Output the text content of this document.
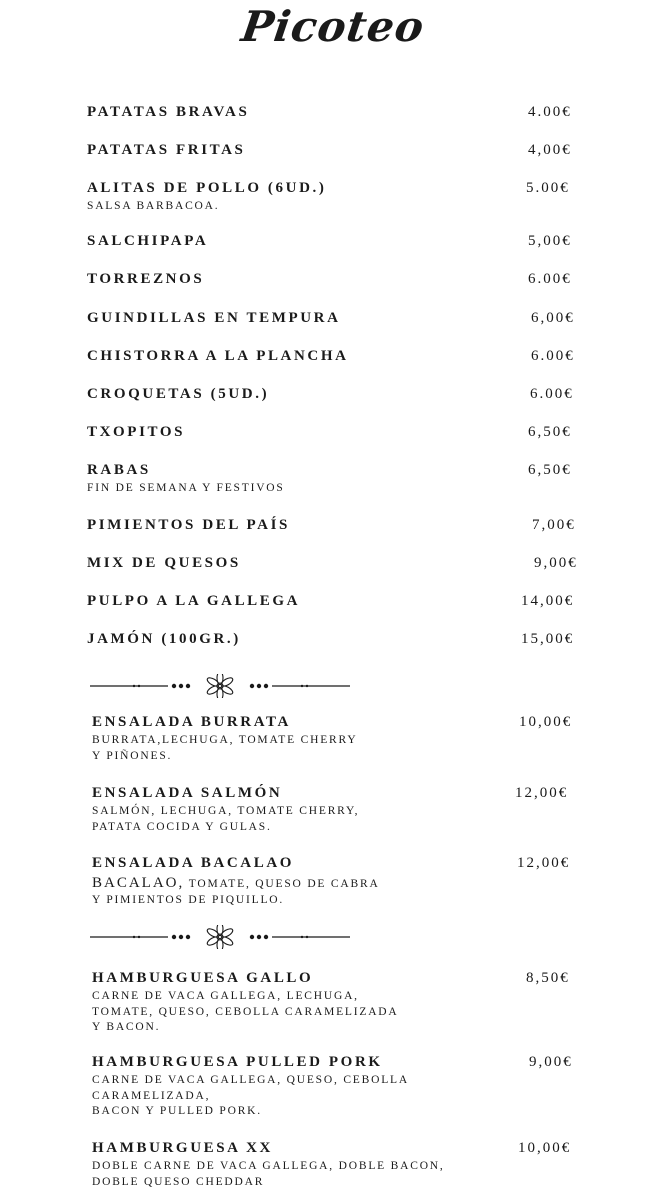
Picoteo
PATATAS BRAVAS	4.00€
PATATAS FRITAS	4,00€
ALITAS DE POLLO (6UD.)	5.00€
SALSA BARBACOA.
SALCHIPAPA	5,00€
TORREZNOS	6.00€
GUINDILLAS EN TEMPURA	6,00€
CHISTORRA A LA PLANCHA	6.00€
CROQUETAS (5UD.)	6.00€
TXOPITOS	6,50€
RABAS	6,50€
FIN DE SEMANA Y FESTIVOS
PIMIENTOS DEL PAÍS	7,00€
MIX DE QUESOS	9,00€
PULPO A LA GALLEGA	14,00€
JAMÓN (100GR.)	15,00€
ENSALADA BURRATA	10,00€
BURRATA,LECHUGA, TOMATE CHERRY
Y PIÑONES.
ENSALADA SALMÓN	12,00€
SALMÓN, LECHUGA, TOMATE CHERRY,
PATATA COCIDA Y GULAS.
ENSALADA BACALAO	12,00€
BACALAO, TOMATE, QUESO DE CABRA
Y PIMIENTOS DE PIQUILLO.
HAMBURGUESA GALLO	8,50€
CARNE DE VACA GALLEGA, LECHUGA,
TOMATE, QUESO, CEBOLLA CARAMELIZADA
Y BACON.
HAMBURGUESA PULLED PORK	9,00€
CARNE DE VACA GALLEGA, QUESO, CEBOLLA
CARAMELIZADA,
BACON Y PULLED PORK.
HAMBURGUESA XX	10,00€
DOBLE CARNE DE VACA GALLEGA, DOBLE BACON,
DOBLE QUESO CHEDDAR
